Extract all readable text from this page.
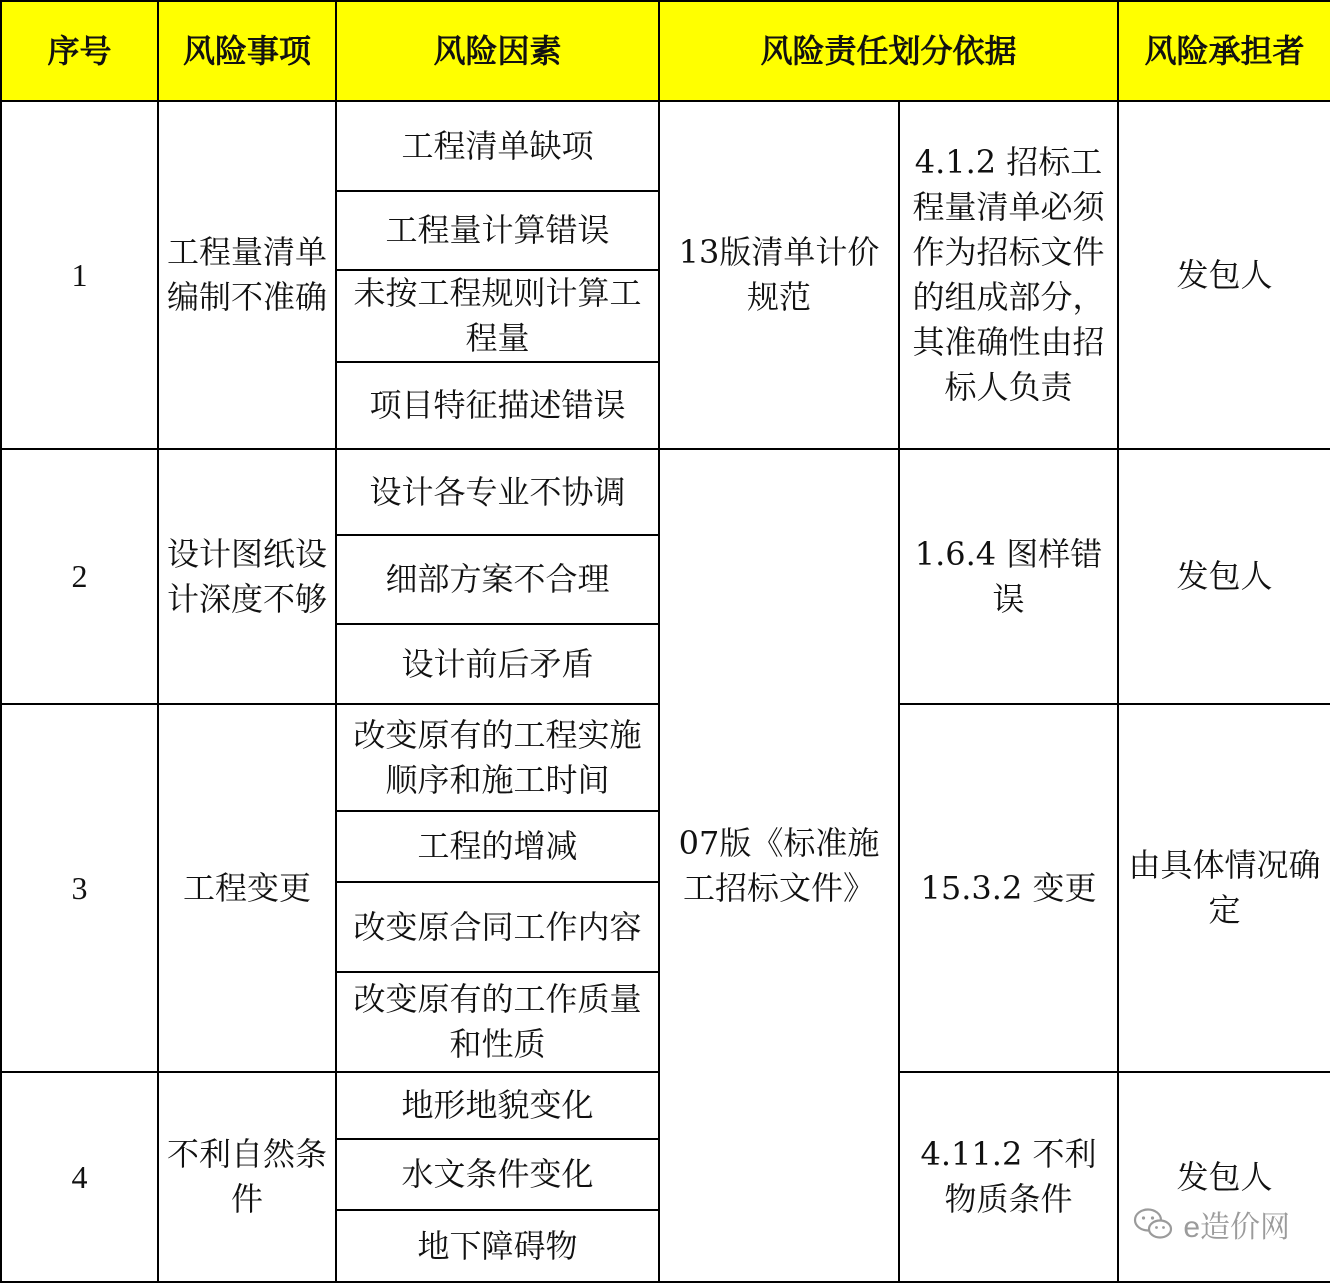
序号	风险事项	风险因素	风险责任划分依据		风险承担者
1	工程量清单编制不准确	工程清单缺项	13版清单计价规范	4.1.2 招标工程量清单必须作为招标文件的组成部分，其准确性由招标人负责	发包人
		工程量计算错误			
		未按工程规则计算工程量			
		项目特征描述错误			
2	设计图纸设计深度不够	设计各专业不协调	07版《标准施工招标文件》	1.6.4 图样错误	发包人
		细部方案不合理			
		设计前后矛盾			
3	工程变更	改变原有的工程实施顺序和施工时间		15.3.2 变更	由具体情况确定
		工程的增减			
		改变原合同工作内容			
		改变原有的工作质量和性质			
4	不利自然条件	地形地貌变化		4.11.2 不利物质条件	发包人
		水文条件变化			
		地下障碍物				e造价网
